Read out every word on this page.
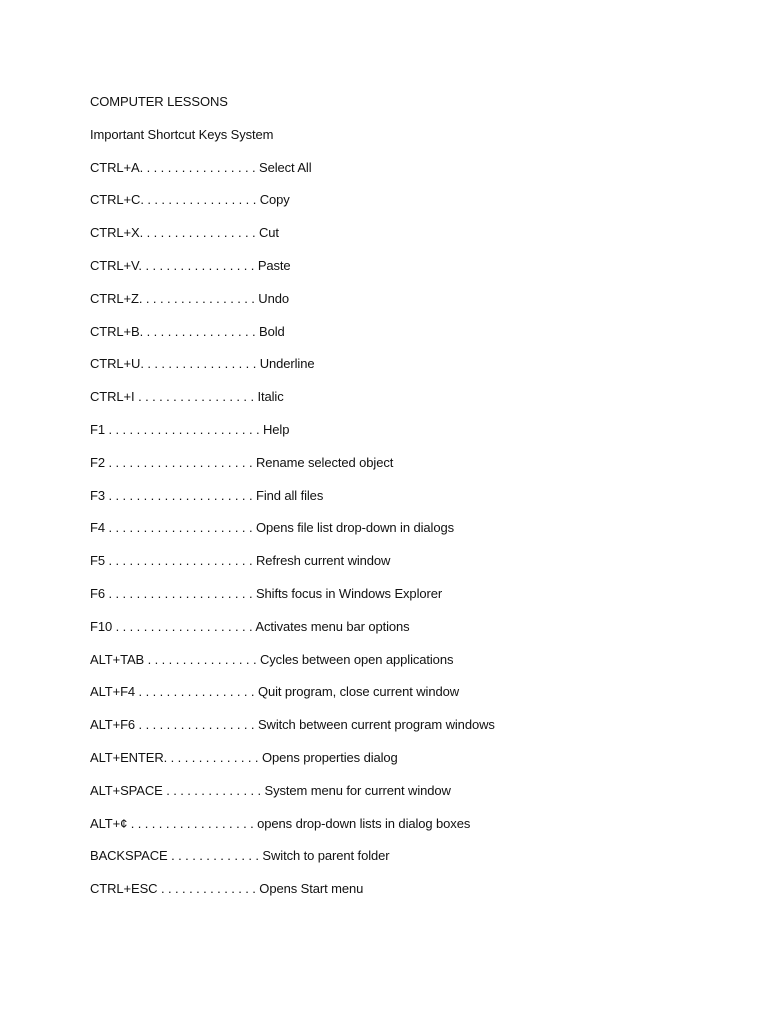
COMPUTER LESSONS
Important Shortcut Keys System
CTRL+A. . . . . . . . . . . . . . . . . Select All
CTRL+C. . . . . . . . . . . . . . . . . Copy
CTRL+X. . . . . . . . . . . . . . . . . Cut
CTRL+V. . . . . . . . . . . . . . . . . Paste
CTRL+Z. . . . . . . . . . . . . . . . . Undo
CTRL+B. . . . . . . . . . . . . . . . . Bold
CTRL+U. . . . . . . . . . . . . . . . . Underline
CTRL+I . . . . . . . . . . . . . . . . . Italic
F1 . . . . . . . . . . . . . . . . . . . . . . Help
F2 . . . . . . . . . . . . . . . . . . . . . Rename selected object
F3 . . . . . . . . . . . . . . . . . . . . . Find all files
F4 . . . . . . . . . . . . . . . . . . . . . Opens file list drop-down in dialogs
F5 . . . . . . . . . . . . . . . . . . . . . Refresh current window
F6 . . . . . . . . . . . . . . . . . . . . . Shifts focus in Windows Explorer
F10 . . . . . . . . . . . . . . . . . . . . Activates menu bar options
ALT+TAB . . . . . . . . . . . . . . . . Cycles between open applications
ALT+F4 . . . . . . . . . . . . . . . . . Quit program, close current window
ALT+F6 . . . . . . . . . . . . . . . . . Switch between current program windows
ALT+ENTER. . . . . . . . . . . . . . Opens properties dialog
ALT+SPACE . . . . . . . . . . . . . . System menu for current window
ALT+¢ . . . . . . . . . . . . . . . . . . opens drop-down lists in dialog boxes
BACKSPACE . . . . . . . . . . . . . Switch to parent folder
CTRL+ESC . . . . . . . . . . . . . . Opens Start menu
